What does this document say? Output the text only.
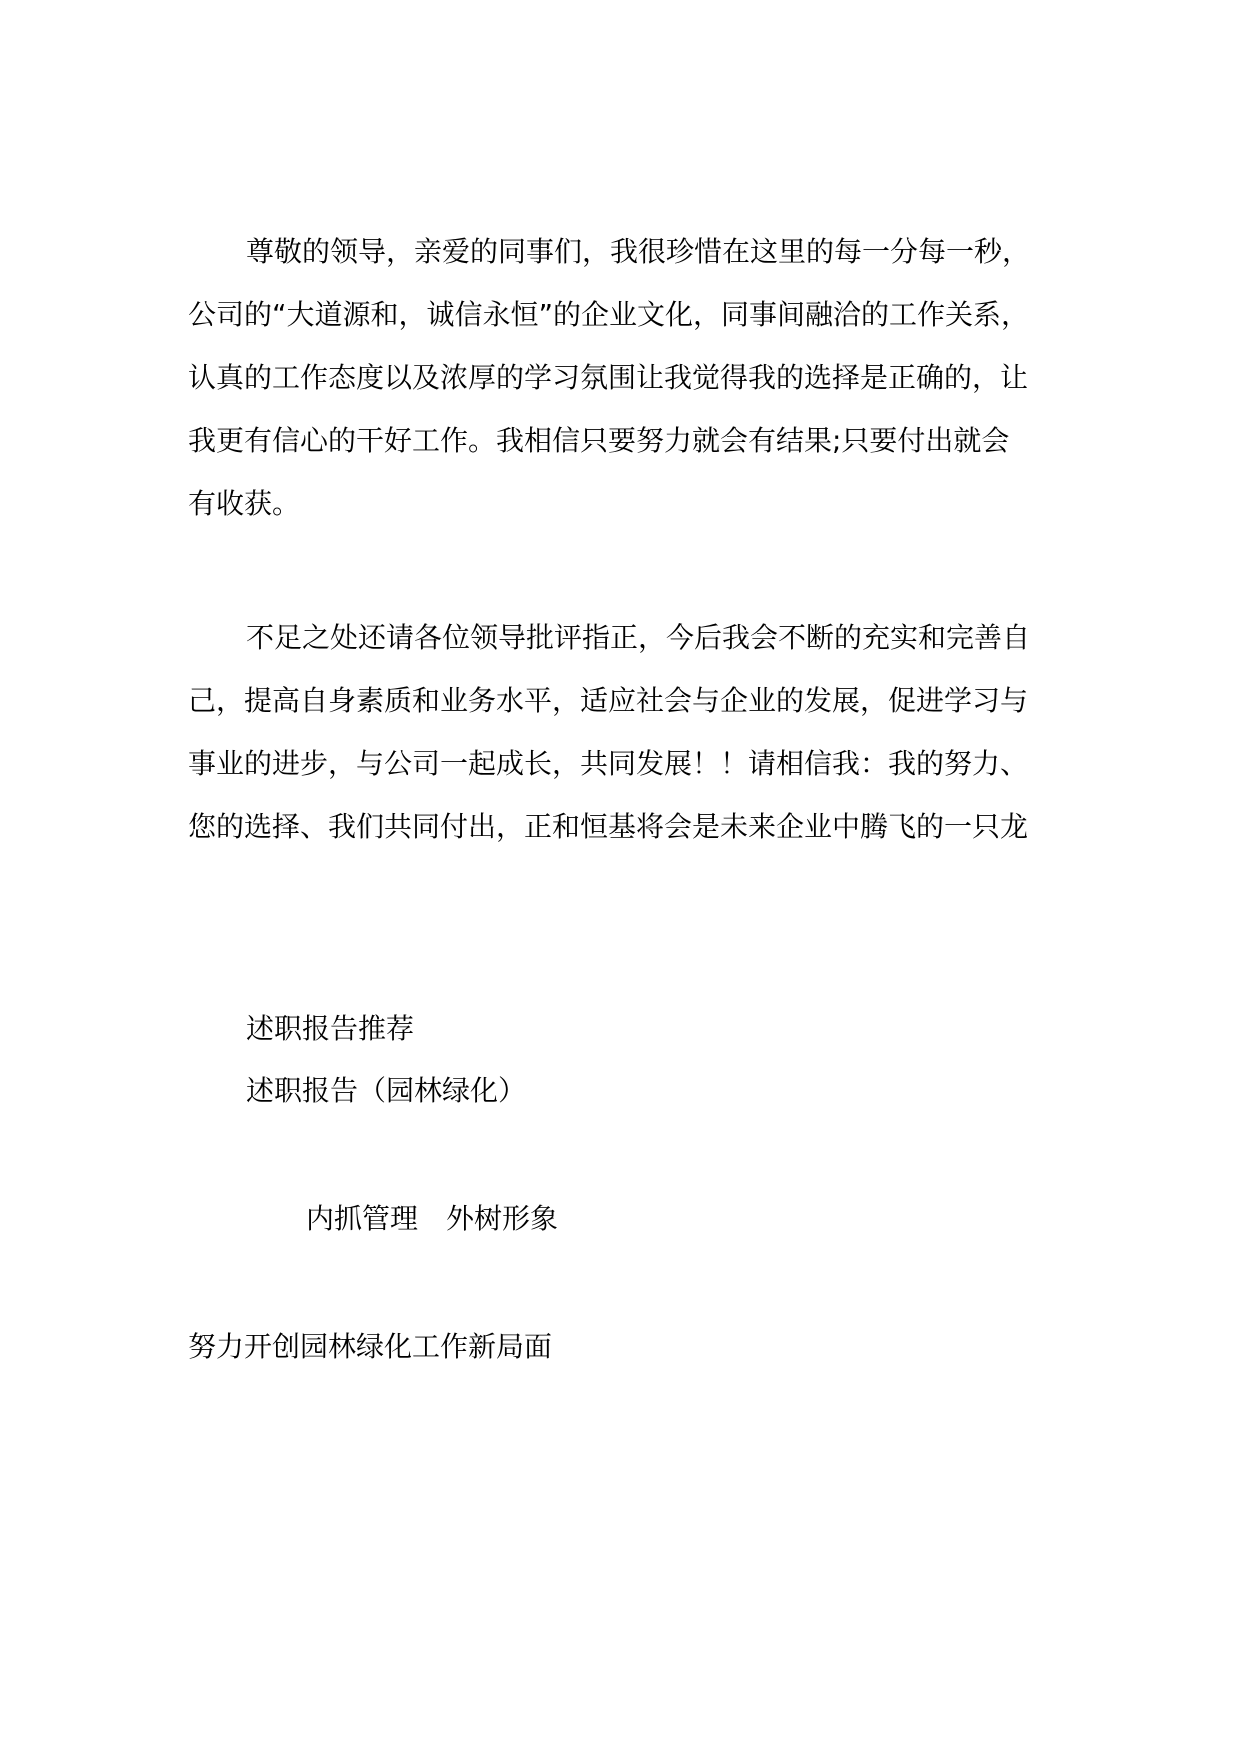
尊敬的领导，亲爱的同事们，我很珍惜在这里的每一分每一秒，
公司的“大道源和，诚信永恒”的企业文化，同事间融洽的工作关系，
认真的工作态度以及浓厚的学习氛围让我觉得我的选择是正确的，让
我更有信心的干好工作。我相信只要努力就会有结果;只要付出就会
有收获。
不足之处还请各位领导批评指正，今后我会不断的充实和完善自
己，提高自身素质和业务水平，适应社会与企业的发展，促进学习与
事业的进步，与公司一起成长，共同发展！！请相信我：我的努力、
您的选择、我们共同付出，正和恒基将会是未来企业中腾飞的一只龙
述职报告推荐
述职报告（园林绿化）
内抓管理　外树形象
努力开创园林绿化工作新局面
